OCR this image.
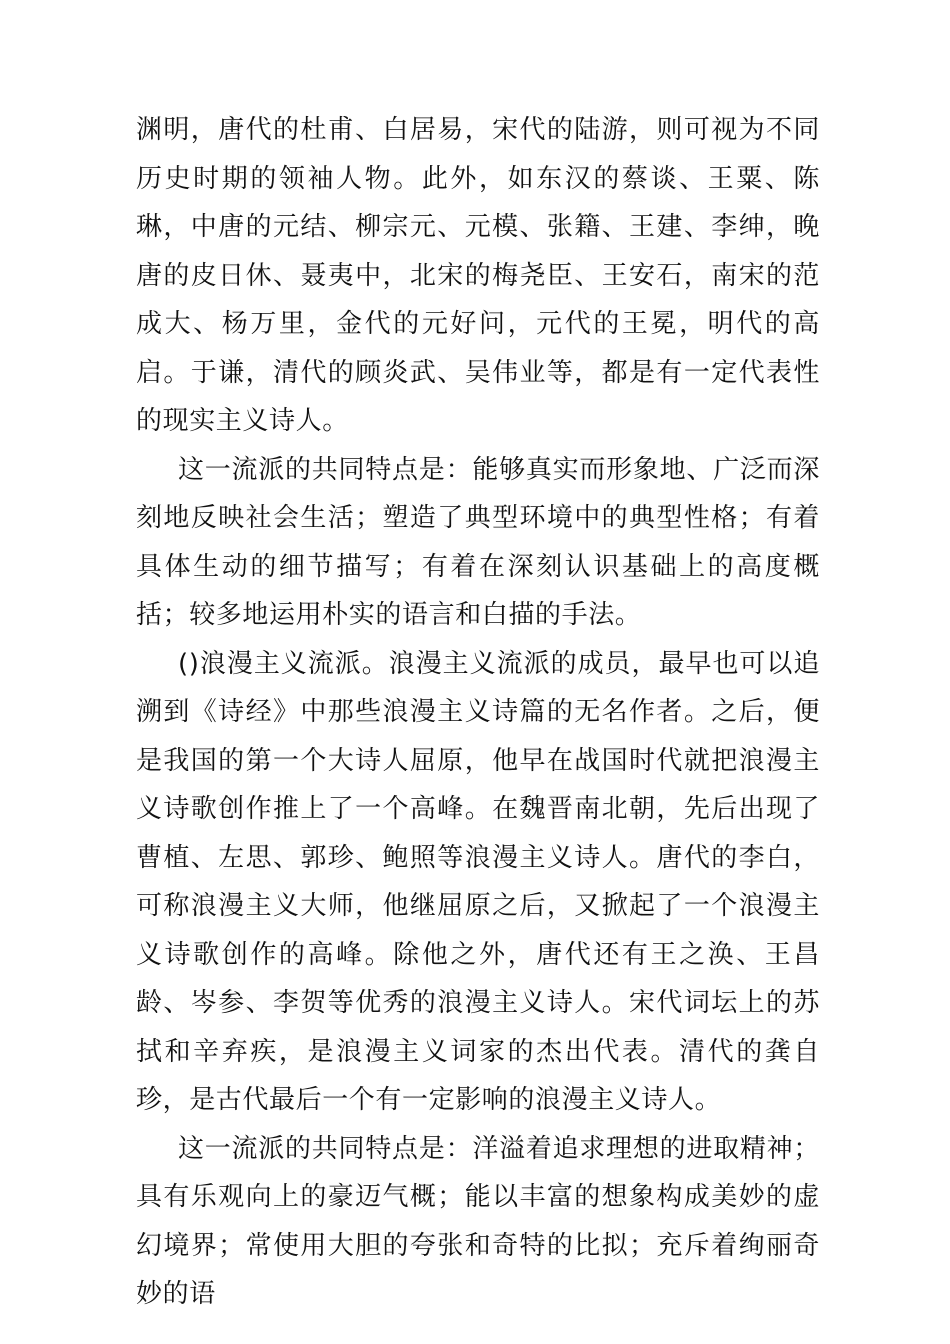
渊明，唐代的杜甫、白居易，宋代的陆游，则可视为不同历史时期的领袖人物。此外，如东汉的蔡谈、王粟、陈琳，中唐的元结、柳宗元、元模、张籍、王建、李绅，晚唐的皮日休、聂夷中，北宋的梅尧臣、王安石，南宋的范成大、杨万里，金代的元好问，元代的王冕，明代的高启。于谦，清代的顾炎武、吴伟业等，都是有一定代表性的现实主义诗人。

这一流派的共同特点是：能够真实而形象地、广泛而深刻地反映社会生活；塑造了典型环境中的典型性格；有着具体生动的细节描写；有着在深刻认识基础上的高度概括；较多地运用朴实的语言和白描的手法。

()浪漫主义流派。浪漫主义流派的成员，最早也可以追溯到《诗经》中那些浪漫主义诗篇的无名作者。之后，便是我国的第一个大诗人屈原，他早在战国时代就把浪漫主义诗歌创作推上了一个高峰。在魏晋南北朝，先后出现了曹植、左思、郭珍、鲍照等浪漫主义诗人。唐代的李白，可称浪漫主义大师，他继屈原之后，又掀起了一个浪漫主义诗歌创作的高峰。除他之外，唐代还有王之涣、王昌龄、岑参、李贺等优秀的浪漫主义诗人。宋代词坛上的苏拭和辛弃疾，是浪漫主义词家的杰出代表。清代的龚自珍，是古代最后一个有一定影响的浪漫主义诗人。

这一流派的共同特点是：洋溢着追求理想的进取精神；具有乐观向上的豪迈气概；能以丰富的想象构成美妙的虚幻境界；常使用大胆的夸张和奇特的比拟；充斥着绚丽奇妙的语
